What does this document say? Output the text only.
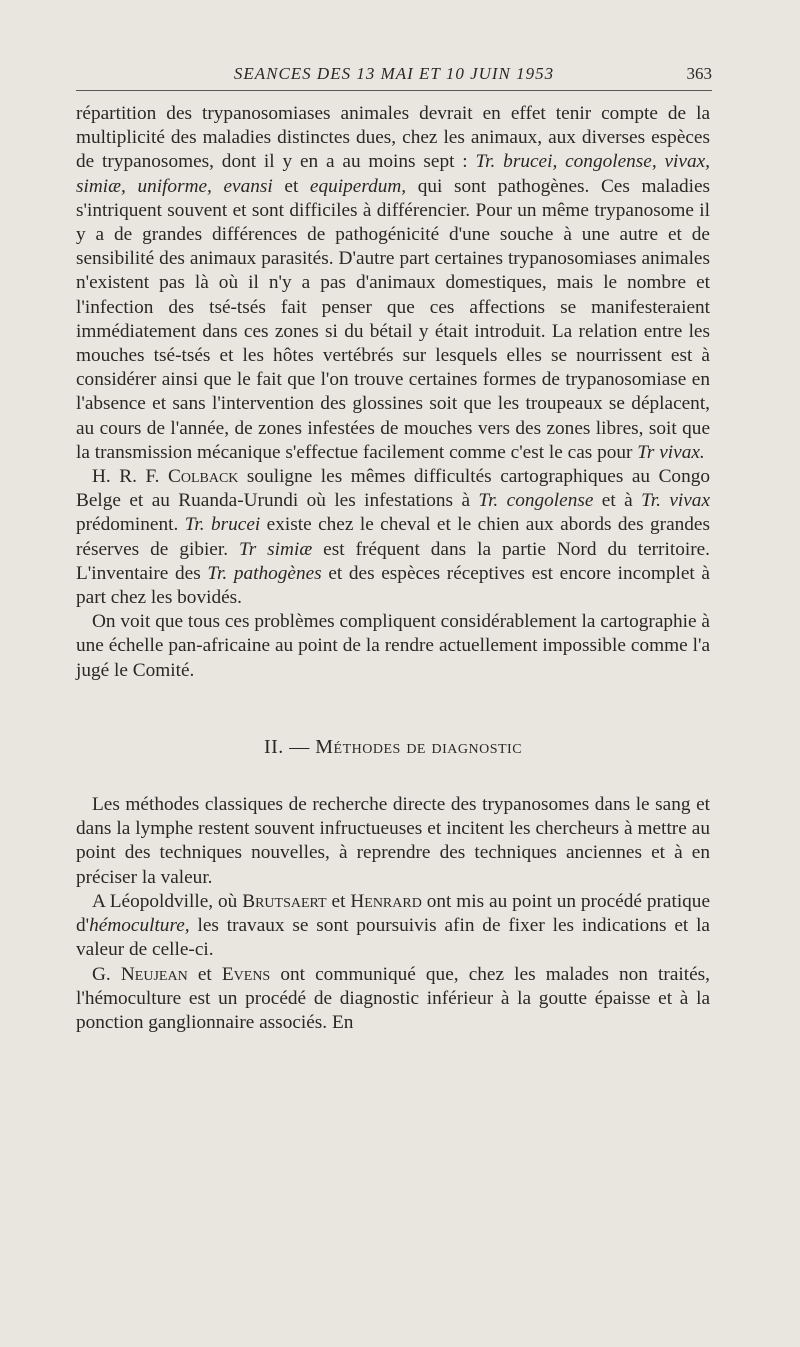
SEANCES DES 13 MAI ET 10 JUIN 1953	363

répartition des trypanosomiases animales devrait en effet tenir compte de la multiplicité des maladies distinctes dues, chez les animaux, aux diverses espèces de trypanosomes, dont il y en a au moins sept : Tr. brucei, congolense, vivax, simiæ, uniforme, evansi et equiperdum, qui sont pathogènes. Ces maladies s'intriquent souvent et sont difficiles à différencier. Pour un même trypanosome il y a de grandes différences de pathogénicité d'une souche à une autre et de sensibilité des animaux parasités. D'autre part certaines trypanosomiases animales n'existent pas là où il n'y a pas d'animaux domestiques, mais le nombre et l'infection des tsé-tsés fait penser que ces affections se manifesteraient immédiatement dans ces zones si du bétail y était introduit. La relation entre les mouches tsé-tsés et les hôtes vertébrés sur lesquels elles se nourrissent est à considérer ainsi que le fait que l'on trouve certaines formes de trypanosomiase en l'absence et sans l'intervention des glossines soit que les troupeaux se déplacent, au cours de l'année, de zones infestées de mouches vers des zones libres, soit que la transmission mécanique s'effectue facilement comme c'est le cas pour Tr vivax.

H. R. F. Colback souligne les mêmes difficultés cartographiques au Congo Belge et au Ruanda-Urundi où les infestations à Tr. congolense et à Tr. vivax prédominent. Tr. brucei existe chez le cheval et le chien aux abords des grandes réserves de gibier. Tr simiæ est fréquent dans la partie Nord du territoire. L'inventaire des Tr. pathogènes et des espèces réceptives est encore incomplet à part chez les bovidés.

On voit que tous ces problèmes compliquent considérablement la cartographie à une échelle pan-africaine au point de la rendre actuellement impossible comme l'a jugé le Comité.

II. — Méthodes de diagnostic

Les méthodes classiques de recherche directe des trypanosomes dans le sang et dans la lymphe restent souvent infructueuses et incitent les chercheurs à mettre au point des techniques nouvelles, à reprendre des techniques anciennes et à en préciser la valeur.

A Léopoldville, où Brutsaert et Henrard ont mis au point un procédé pratique d'hémoculture, les travaux se sont poursuivis afin de fixer les indications et la valeur de celle-ci.

G. Neujean et Evens ont communiqué que, chez les malades non traités, l'hémoculture est un procédé de diagnostic inférieur à la goutte épaisse et à la ponction ganglionnaire associés. En
